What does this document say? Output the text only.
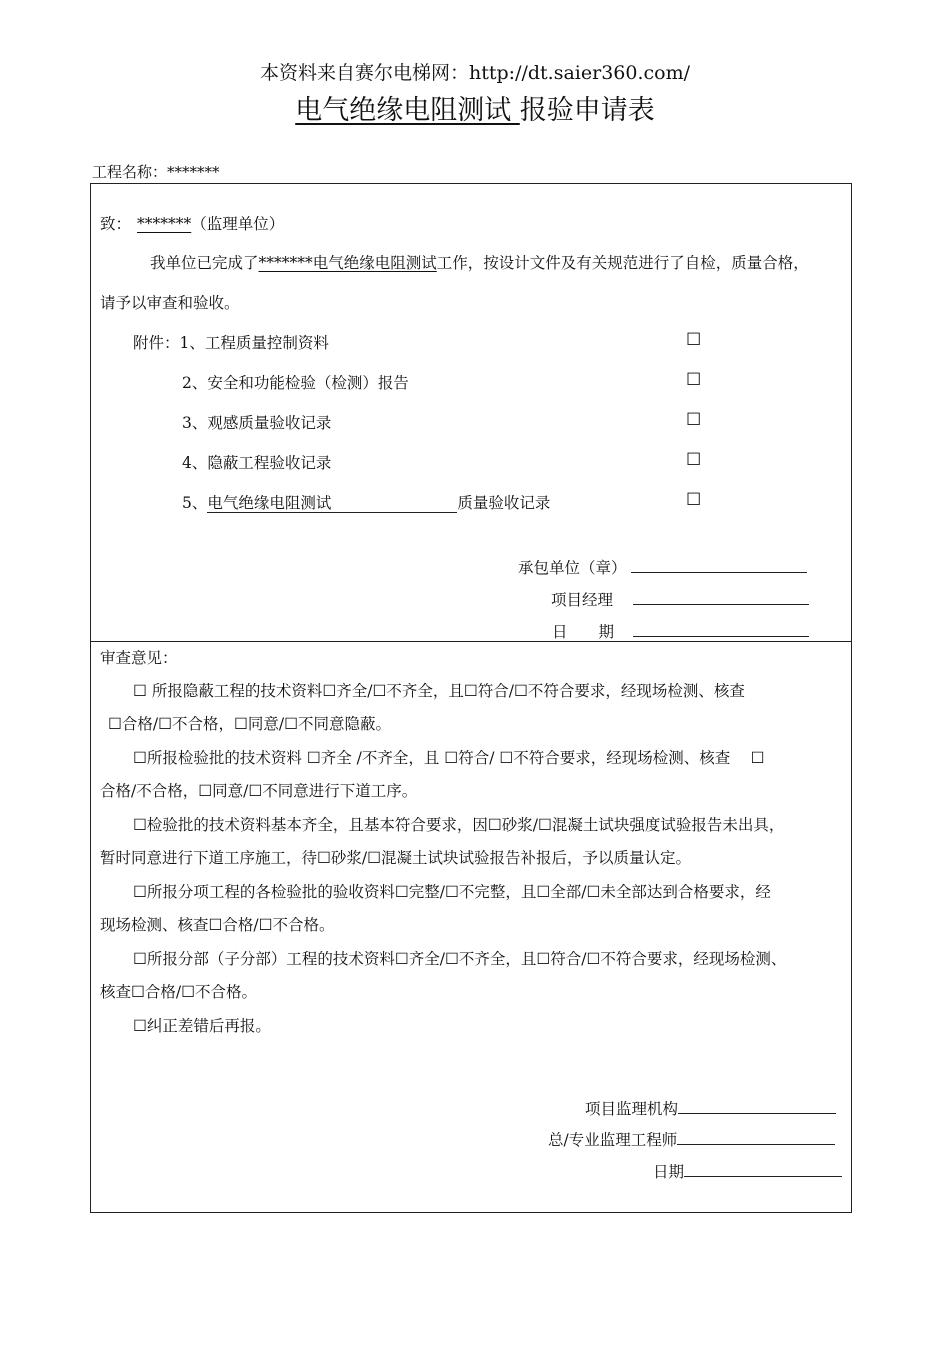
本资料来自赛尔电梯网：http://dt.saier360.com/
电气绝缘电阻测试 报验申请表
工程名称：*******
致： *******（监理单位）
我单位已完成了*******电气绝缘电阻测试工作，按设计文件及有关规范进行了自检，质量合格，
请予以审查和验收。
附件：1、工程质量控制资料	☐
2、安全和功能检验（检测）报告	☐
3、观感质量验收记录	☐
4、隐蔽工程验收记录	☐
5、电气绝缘电阻测试	质量验收记录	☐
承包单位（章）
项目经理
日　　期
审查意见：
☐ 所报隐蔽工程的技术资料☐齐全/☐不齐全，且☐符合/☐不符合要求，经现场检测、核查
☐合格/☐不合格，☐同意/☐不同意隐蔽。
☐所报检验批的技术资料 ☐齐全 /不齐全，且 ☐符合/ ☐不符合要求，经现场检测、核查 　☐
合格/不合格，☐同意/☐不同意进行下道工序。
☐检验批的技术资料基本齐全，且基本符合要求，因☐砂浆/☐混凝土试块强度试验报告未出具，
暂时同意进行下道工序施工，待☐砂浆/☐混凝土试块试验报告补报后，予以质量认定。
☐所报分项工程的各检验批的验收资料☐完整/☐不完整，且☐全部/☐未全部达到合格要求，经
现场检测、核查☐合格/☐不合格。
☐所报分部（子分部）工程的技术资料☐齐全/☐不齐全，且☐符合/☐不符合要求，经现场检测、
核查☐合格/☐不合格。
☐纠正差错后再报。
项目监理机构
总/专业监理工程师
日期
